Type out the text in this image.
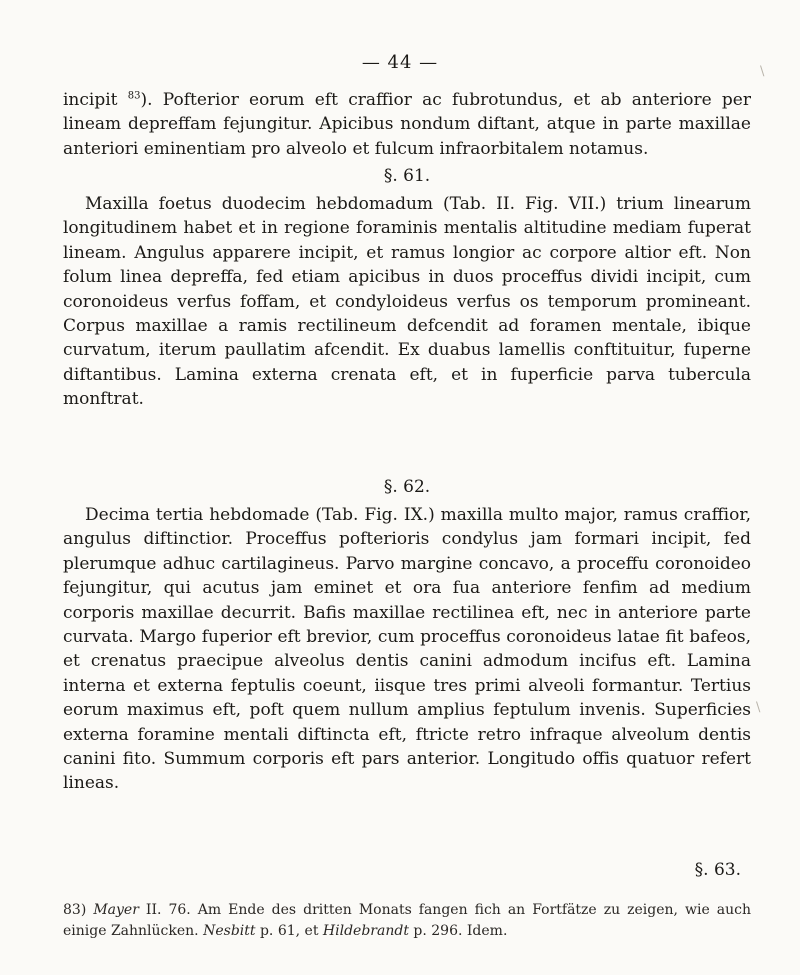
— 44 —

incipit $^{83}$). Pofterior eorum eft craffior ac fubrotundus, et ab anteriore per lineam depreffam fejungitur. Apicibus nondum diftant, atque in parte maxillae anteriori eminentiam pro alveolo et fulcum infraorbitalem notamus.

§. 61.

Maxilla foetus duodecim hebdomadum (Tab. II. Fig. VII.) trium linearum longitudinem habet et in regione foraminis mentalis altitudine mediam fuperat lineam. Angulus apparere incipit, et ramus longior ac corpore altior eft. Non folum linea depreffa, fed etiam apicibus in duos proceffus dividi incipit, cum coronoideus verfus foffam, et condyloideus verfus os temporum promineant. Corpus maxillae a ramis rectilineum defcendit ad foramen mentale, ibique curvatum, iterum paullatim afcendit. Ex duabus lamellis conftituitur, fuperne diftantibus. Lamina externa crenata eft, et in fuperficie parva tubercula monftrat.

§. 62.

Decima tertia hebdomade (Tab. Fig. IX.) maxilla multo major, ramus craffior, angulus diftinctior. Proceffus pofterioris condylus jam formari incipit, fed plerumque adhuc cartilagineus. Parvo margine concavo, a proceffu coronoideo fejungitur, qui acutus jam eminet et ora fua anteriore fenfim ad medium corporis maxillae decurrit. Bafis maxillae rectilinea eft, nec in anteriore parte curvata. Margo fuperior eft brevior, cum proceffus coronoideus latae fit bafeos, et crenatus praecipue alveolus dentis canini admodum incifus eft. Lamina interna et externa feptulis coeunt, iisque tres primi alveoli formantur. Tertius eorum maximus eft, poft quem nullum amplius feptulum invenis. Superficies externa foramine mentali diftincta eft, ftricte retro infraque alveolum dentis canini fito. Summum corporis eft pars anterior. Longitudo offis quatuor refert lineas.

§. 63.

83) Mayer II. 76. Am Ende des dritten Monats fangen fich an Fortfätze zu zeigen, wie auch einige Zahnlücken. Nesbitt p. 61, et Hildebrandt p. 296. Idem.
\
\
